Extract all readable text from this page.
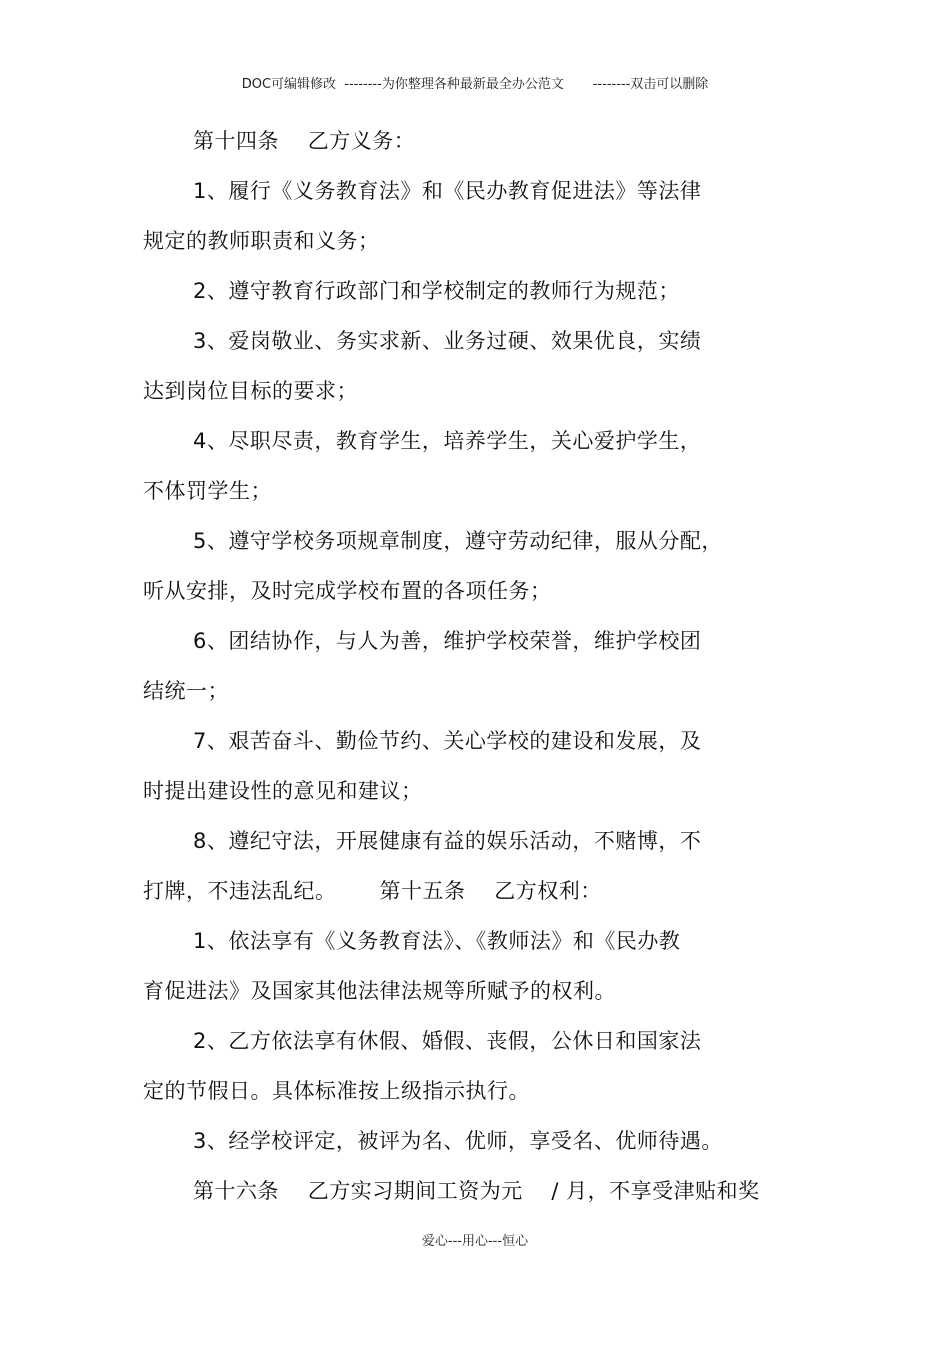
DOC可编辑修改  --------为你整理各种最新最全办公范文       --------双击可以删除
第十四条    乙方义务：
1、履行《义务教育法》和《民办教育促进法》等法律
规定的教师职责和义务；
2、遵守教育行政部门和学校制定的教师行为规范；
3、爱岗敬业、务实求新、业务过硬、效果优良，实绩
达到岗位目标的要求；
4、尽职尽责，教育学生，培养学生，关心爱护学生，
不体罚学生；
5、遵守学校务项规章制度，遵守劳动纪律，服从分配，
听从安排，及时完成学校布置的各项任务；
6、团结协作，与人为善，维护学校荣誉，维护学校团
结统一；
7、艰苦奋斗、勤俭节约、关心学校的建设和发展，及
时提出建设性的意见和建议；
8、遵纪守法，开展健康有益的娱乐活动，不赌博，不
打牌，不违法乱纪。      第十五条    乙方权利：
1、依法享有《义务教育法》、《教师法》和《民办教
育促进法》及国家其他法律法规等所赋予的权利。
2、乙方依法享有休假、婚假、丧假，公休日和国家法
定的节假日。具体标准按上级指示执行。
3、经学校评定，被评为名、优师，享受名、优师待遇。
第十六条    乙方实习期间工资为元    / 月，不享受津贴和奖
爱心---用心---恒心
